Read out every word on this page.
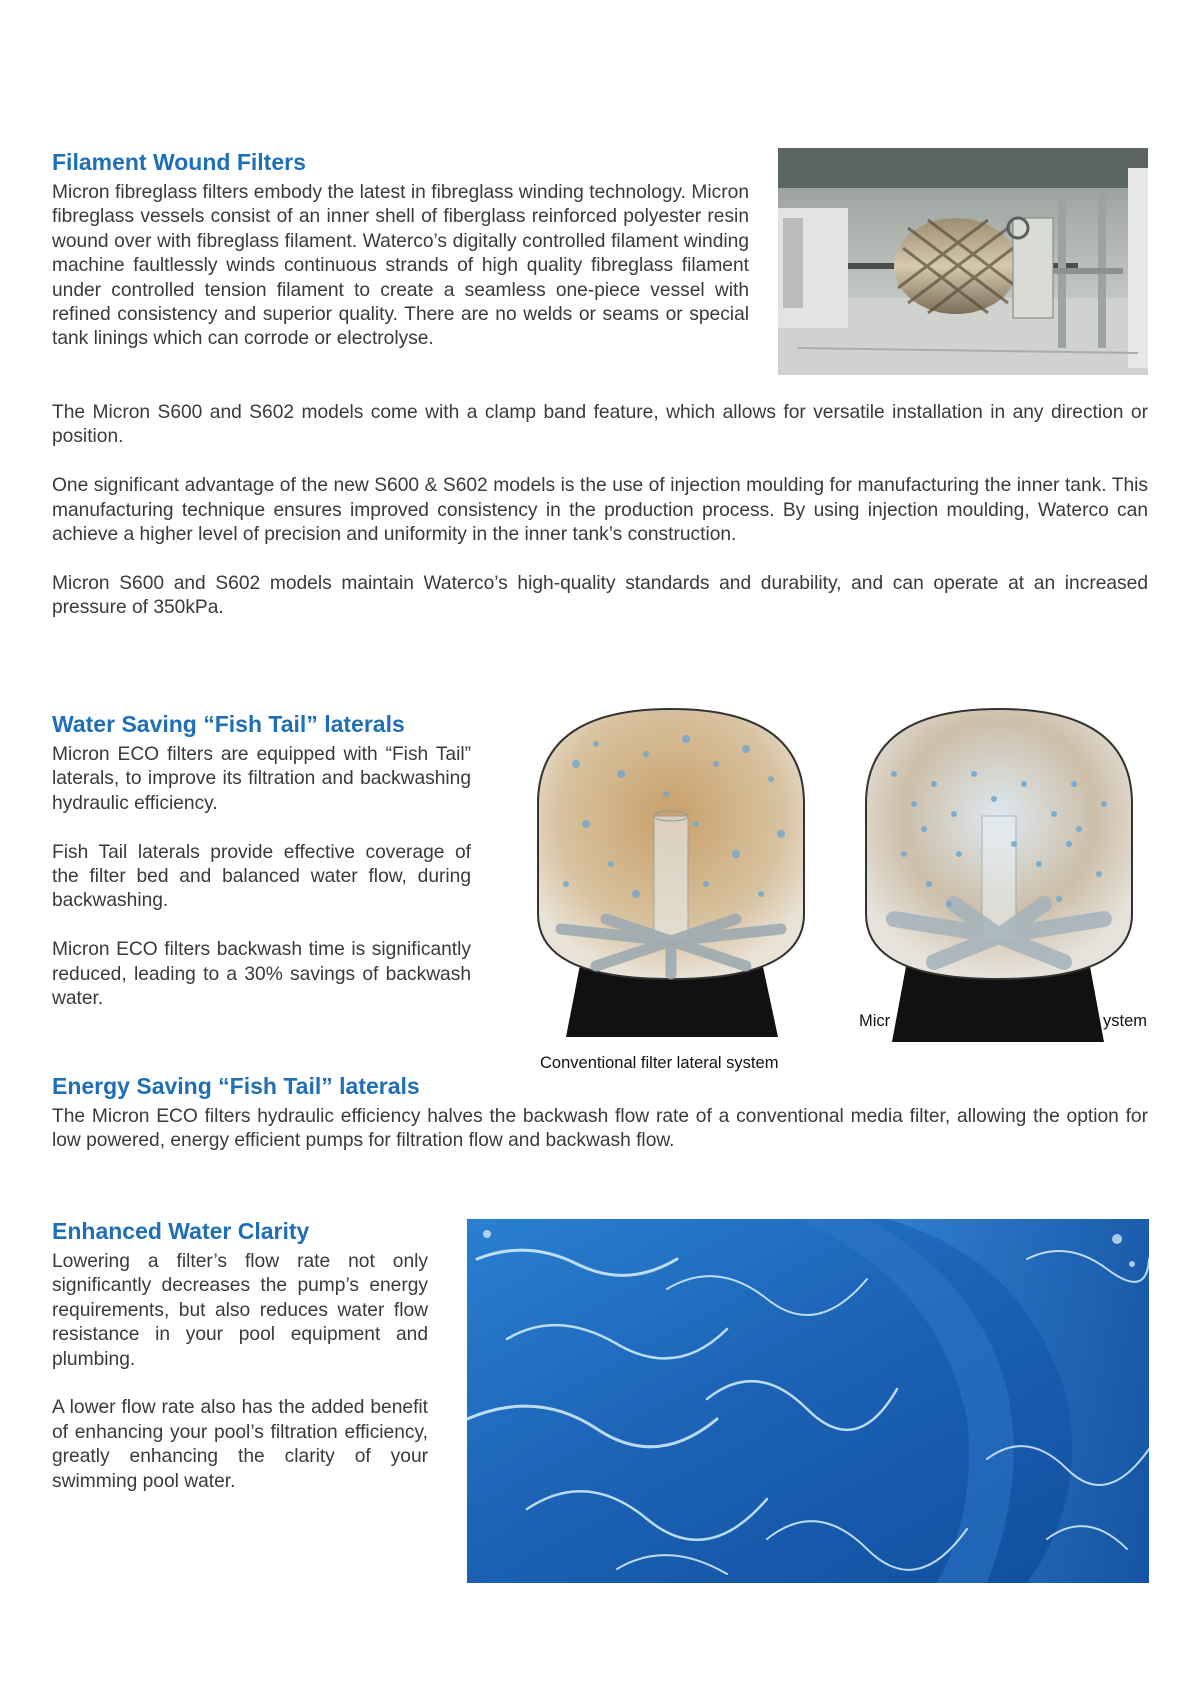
Filament Wound Filters

Micron fibreglass filters embody the latest in fibreglass winding technology. Micron fibreglass vessels consist of an inner shell of fiberglass reinforced polyester resin wound over with fibreglass filament. Waterco’s digitally controlled filament winding machine faultlessly winds continuous strands of high quality fibreglass filament under controlled tension filament to create a seamless one-piece vessel with refined consistency and superior quality. There are no welds or seams or special tank linings which can corrode or electrolyse.

The Micron S600 and S602 models come with a clamp band feature, which allows for versatile installation in any direction or position.

One significant advantage of the new S600 & S602 models is the use of injection moulding for manufacturing the inner tank. This manufacturing technique ensures improved consistency in the production process. By using injection moulding, Waterco can achieve a higher level of precision and uniformity in the inner tank’s construction.

Micron S600 and S602 models maintain Waterco’s high-quality standards and durability, and can operate at an increased pressure of 350kPa.

Water Saving “Fish Tail” laterals

Micron ECO filters are equipped with “Fish Tail” laterals, to improve its filtration and backwashing hydraulic efficiency.

Fish Tail laterals provide effective coverage of the filter bed and balanced water flow, during backwashing.

Micron ECO filters backwash time is significantly reduced, leading to a 30% savings of backwash water.

Conventional filter lateral system
Micr	ystem
Energy Saving “Fish Tail” laterals

The Micron ECO filters hydraulic efficiency halves the backwash flow rate of a conventional media filter, allowing the option for low powered, energy efficient pumps for filtration flow and backwash flow.

Enhanced Water Clarity

Lowering a filter’s flow rate not only significantly decreases the pump’s energy requirements, but also reduces water flow resistance in your pool equipment and plumbing.

A lower flow rate also has the added benefit of enhancing your pool’s filtration efficiency, greatly enhancing the clarity of your swimming pool water.
